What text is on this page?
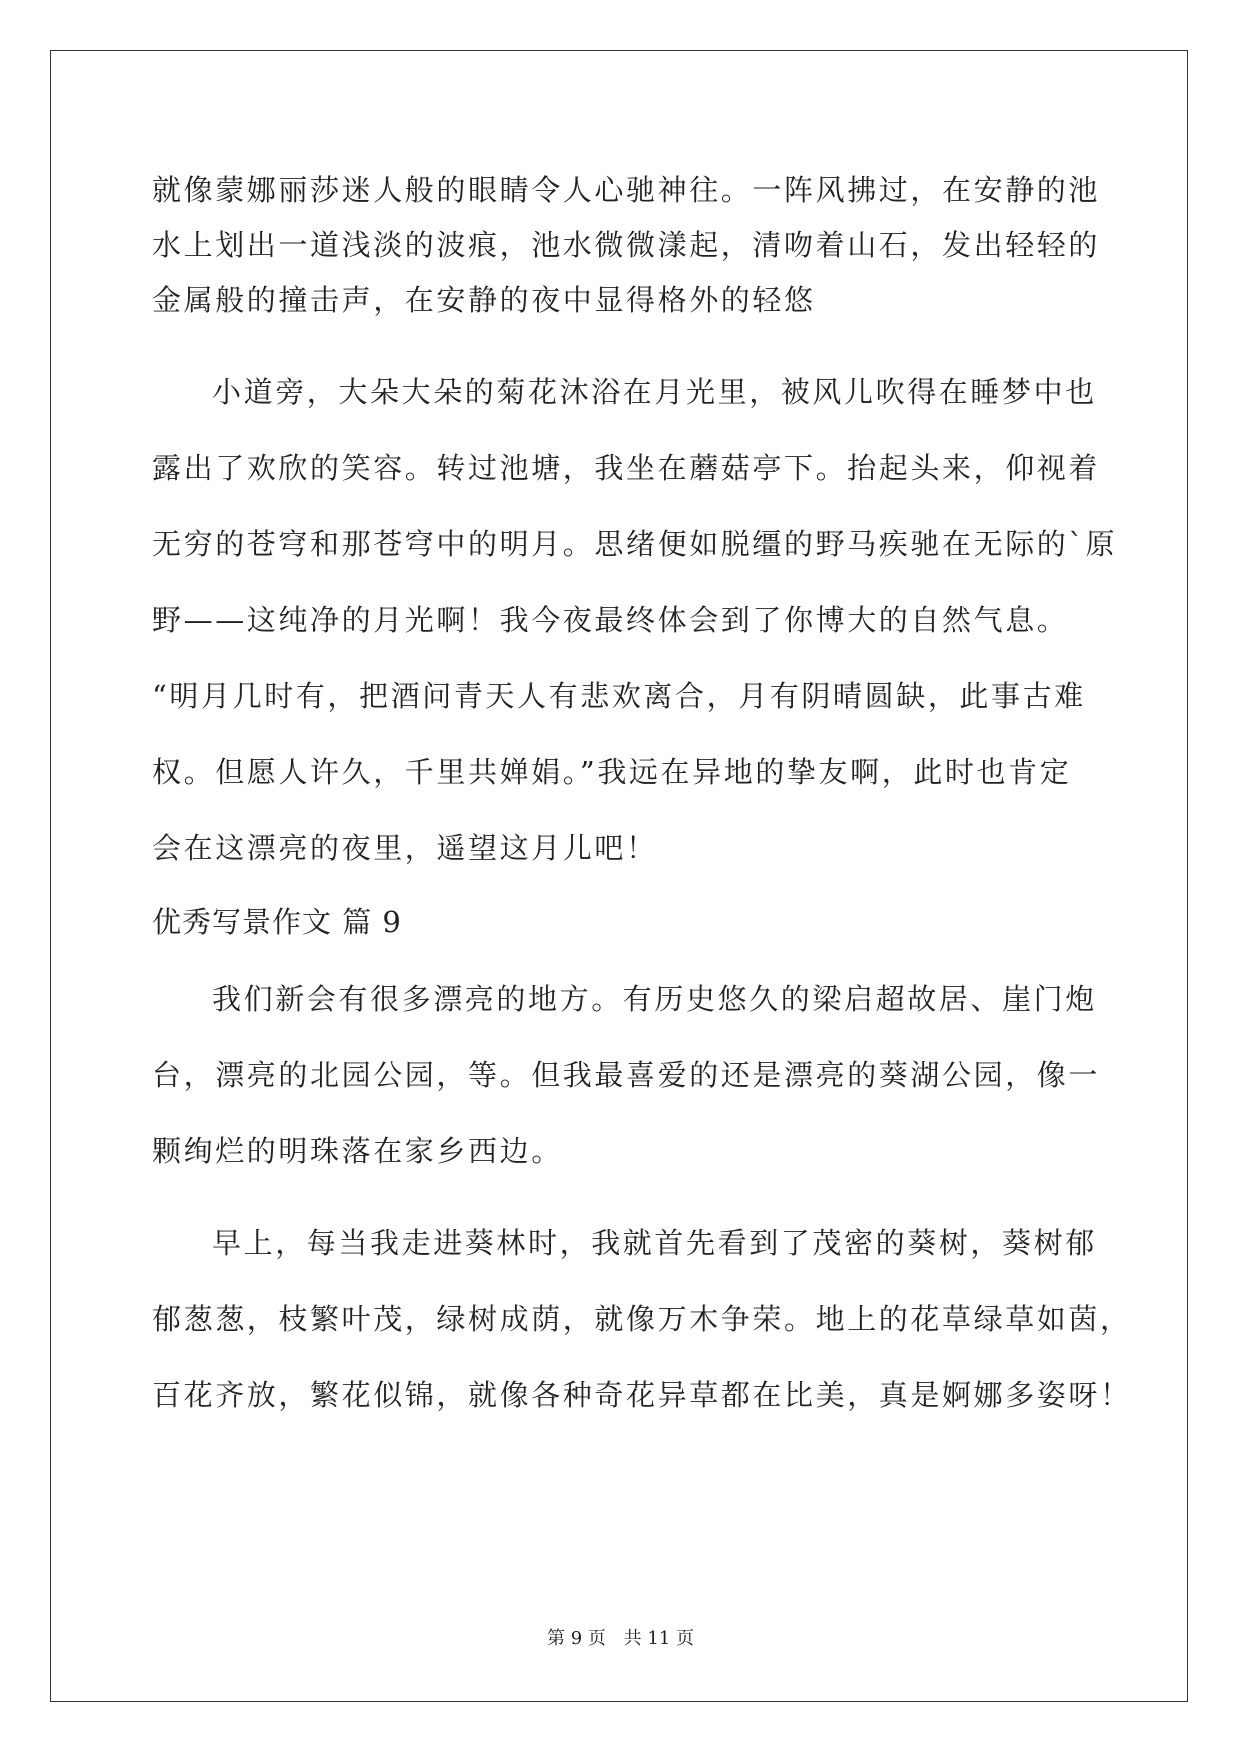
就像蒙娜丽莎迷人般的眼睛令人心驰神往。一阵风拂过，在安静的池
水上划出一道浅淡的波痕，池水微微漾起，清吻着山石，发出轻轻的
金属般的撞击声，在安静的夜中显得格外的轻悠
小道旁，大朵大朵的菊花沐浴在月光里，被风儿吹得在睡梦中也
露出了欢欣的笑容。转过池塘，我坐在蘑菇亭下。抬起头来，仰视着
无穷的苍穹和那苍穹中的明月。思绪便如脱缰的野马疾驰在无际的`原
野——这纯净的月光啊！我今夜最终体会到了你博大的自然气息。
“明月几时有，把酒问青天人有悲欢离合，月有阴晴圆缺，此事古难
权。但愿人许久，千里共婵娟。”我远在异地的挚友啊，此时也肯定
会在这漂亮的夜里，遥望这月儿吧！
优秀写景作文 篇 9
我们新会有很多漂亮的地方。有历史悠久的梁启超故居、崖门炮
台，漂亮的北园公园，等。但我最喜爱的还是漂亮的葵湖公园，像一
颗绚烂的明珠落在家乡西边。
早上，每当我走进葵林时，我就首先看到了茂密的葵树，葵树郁
郁葱葱，枝繁叶茂，绿树成荫，就像万木争荣。地上的花草绿草如茵，
百花齐放，繁花似锦，就像各种奇花异草都在比美，真是婀娜多姿呀！
第 9 页 共 11 页
